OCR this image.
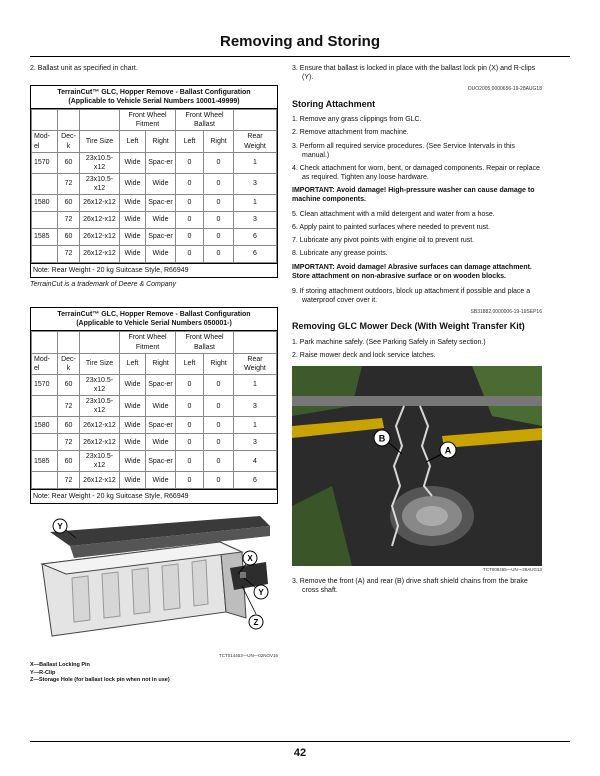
Removing and Storing

2. Ballast unit as specified in chart.

TerrainCut™ GLC, Hopper Remove - Ballast Configuration
(Applicable to Vehicle Serial Numbers 10001-49999)
			Front Wheel Fitment		Front Wheel Ballast		
Mod-el	Dec-k	Tire Size	Left	Right	Left	Right	Rear Weight
1570	60	23x10.5-x12	Wide	Spac-er	0	0	1
	72	23x10.5-x12	Wide	Wide	0	0	3
1580	60	26x12-x12	Wide	Spac-er	0	0	1
	72	26x12-x12	Wide	Wide	0	0	3
1585	60	26x12-x12	Wide	Spac-er	0	0	6
	72	26x12-x12	Wide	Wide	0	0	6
Note: Rear Weight - 20 kg Suitcase Style, R66949

TerrainCut is a trademark of Deere & Company

TerrainCut™ GLC, Hopper Remove - Ballast Configuration
(Applicable to Vehicle Serial Numbers 050001-)
			Front Wheel Fitment		Front Wheel Ballast		
Mod-el	Dec-k	Tire Size	Left	Right	Left	Right	Rear Weight
1570	60	23x10.5-x12	Wide	Spac-er	0	0	1
	72	23x10.5-x12	Wide	Wide	0	0	3
1580	60	26x12-x12	Wide	Spac-er	0	0	1
	72	26x12-x12	Wide	Wide	0	0	3
1585	60	23x10.5-x12	Wide	Spac-er	0	0	4
	72	26x12-x12	Wide	Wide	0	0	6
Note: Rear Weight - 20 kg Suitcase Style, R66949
Y
X
Y
Z
TCT014453—UN—02NOV16
X—Ballast Locking Pin
Y—R-Clip
Z—Storage Hole (for ballast lock pin when not in use)

3. Ensure that ballast is locked in place with the ballast lock pin (X) and R-clips (Y).

OUO2005,0000656-19-28AUG18
Storing Attachment

1. Remove any grass clippings from GLC.

2. Remove attachment from machine.

3. Perform all required service procedures. (See Service Intervals in this manual.)

4. Check attachment for worn, bent, or damaged components. Repair or replace as required. Tighten any loose hardware.

IMPORTANT: Avoid damage! High-pressure washer can cause damage to machine components.

5. Clean attachment with a mild detergent and water from a hose.

6. Apply paint to painted surfaces where needed to prevent rust.

7. Lubricate any pivot points with engine oil to prevent rust.

8. Lubricate any grease points.

IMPORTANT: Avoid damage! Abrasive surfaces can damage attachment. Store attachment on non-abrasive surface or on wooden blocks.

9. If storing attachment outdoors, block up attachment if possible and place a waterproof cover over it.

SB31882,0000006-19-19SEP16
Removing GLC Mower Deck (With Weight Transfer Kit)

1. Park machine safely. (See Parking Safely in Safety section.)

2. Raise mower deck and lock service latches.

B
A
TCT008465—UN—28AUG13

3. Remove the front (A) and rear (B) drive shaft shield chains from the brake cross shaft.

42
